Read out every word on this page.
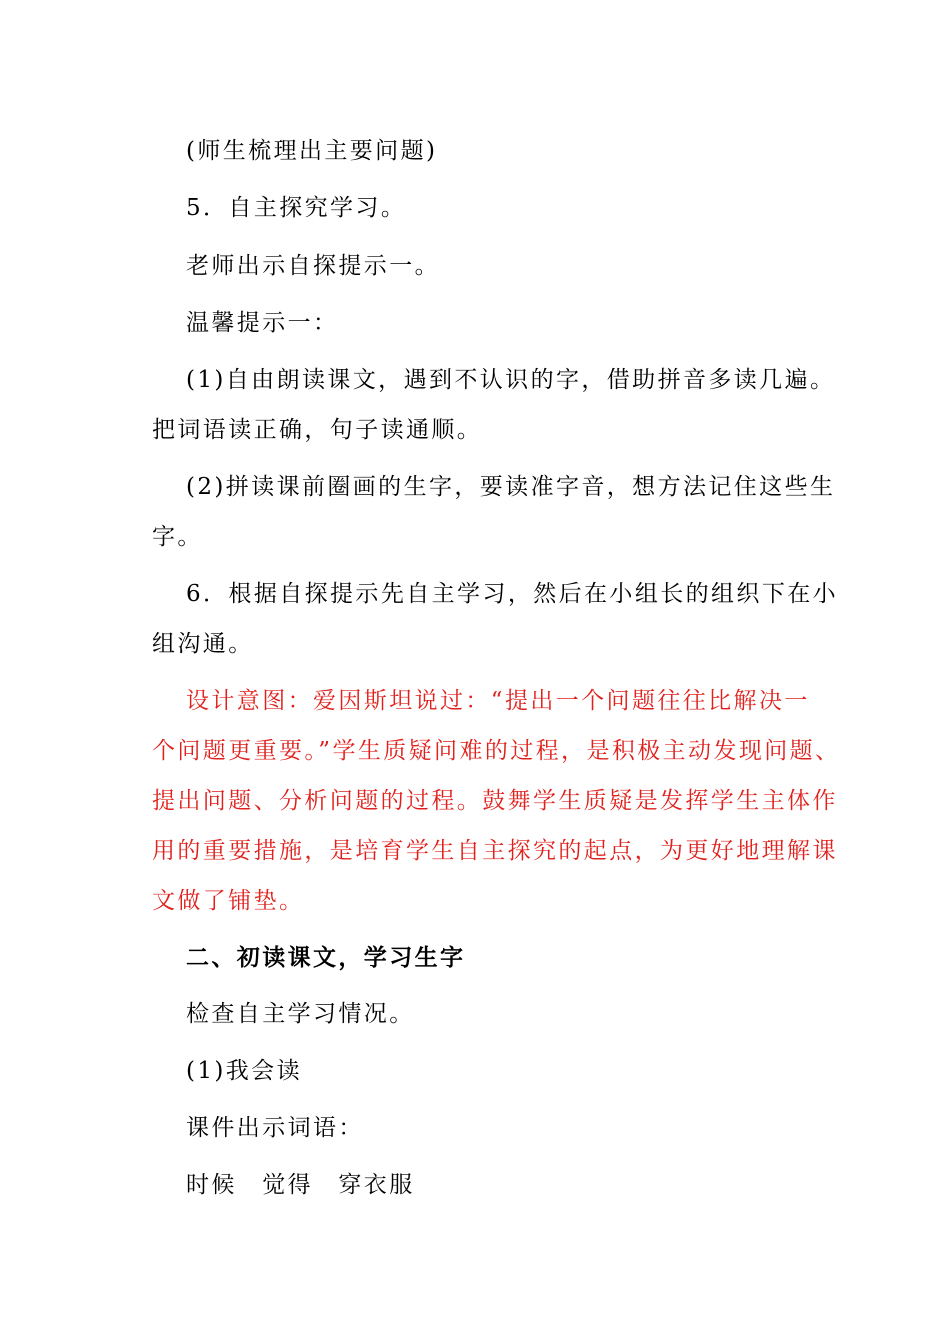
(师生梳理出主要问题)
5．自主探究学习。
老师出示自探提示一。
温馨提示一：
(1)自由朗读课文，遇到不认识的字，借助拼音多读几遍。
把词语读正确，句子读通顺。
(2)拼读课前圈画的生字，要读准字音，想方法记住这些生
字。
6．根据自探提示先自主学习，然后在小组长的组织下在小
组沟通。
设计意图：爱因斯坦说过：“提出一个问题往往比解决一
个问题更重要。”学生质疑问难的过程，是积极主动发现问题、
提出问题、分析问题的过程。鼓舞学生质疑是发挥学生主体作
用的重要措施，是培育学生自主探究的起点，为更好地理解课
文做了铺垫。
二、初读课文，学习生字
检查自主学习情况。
(1)我会读
课件出示词语：
时候　觉得　穿衣服
